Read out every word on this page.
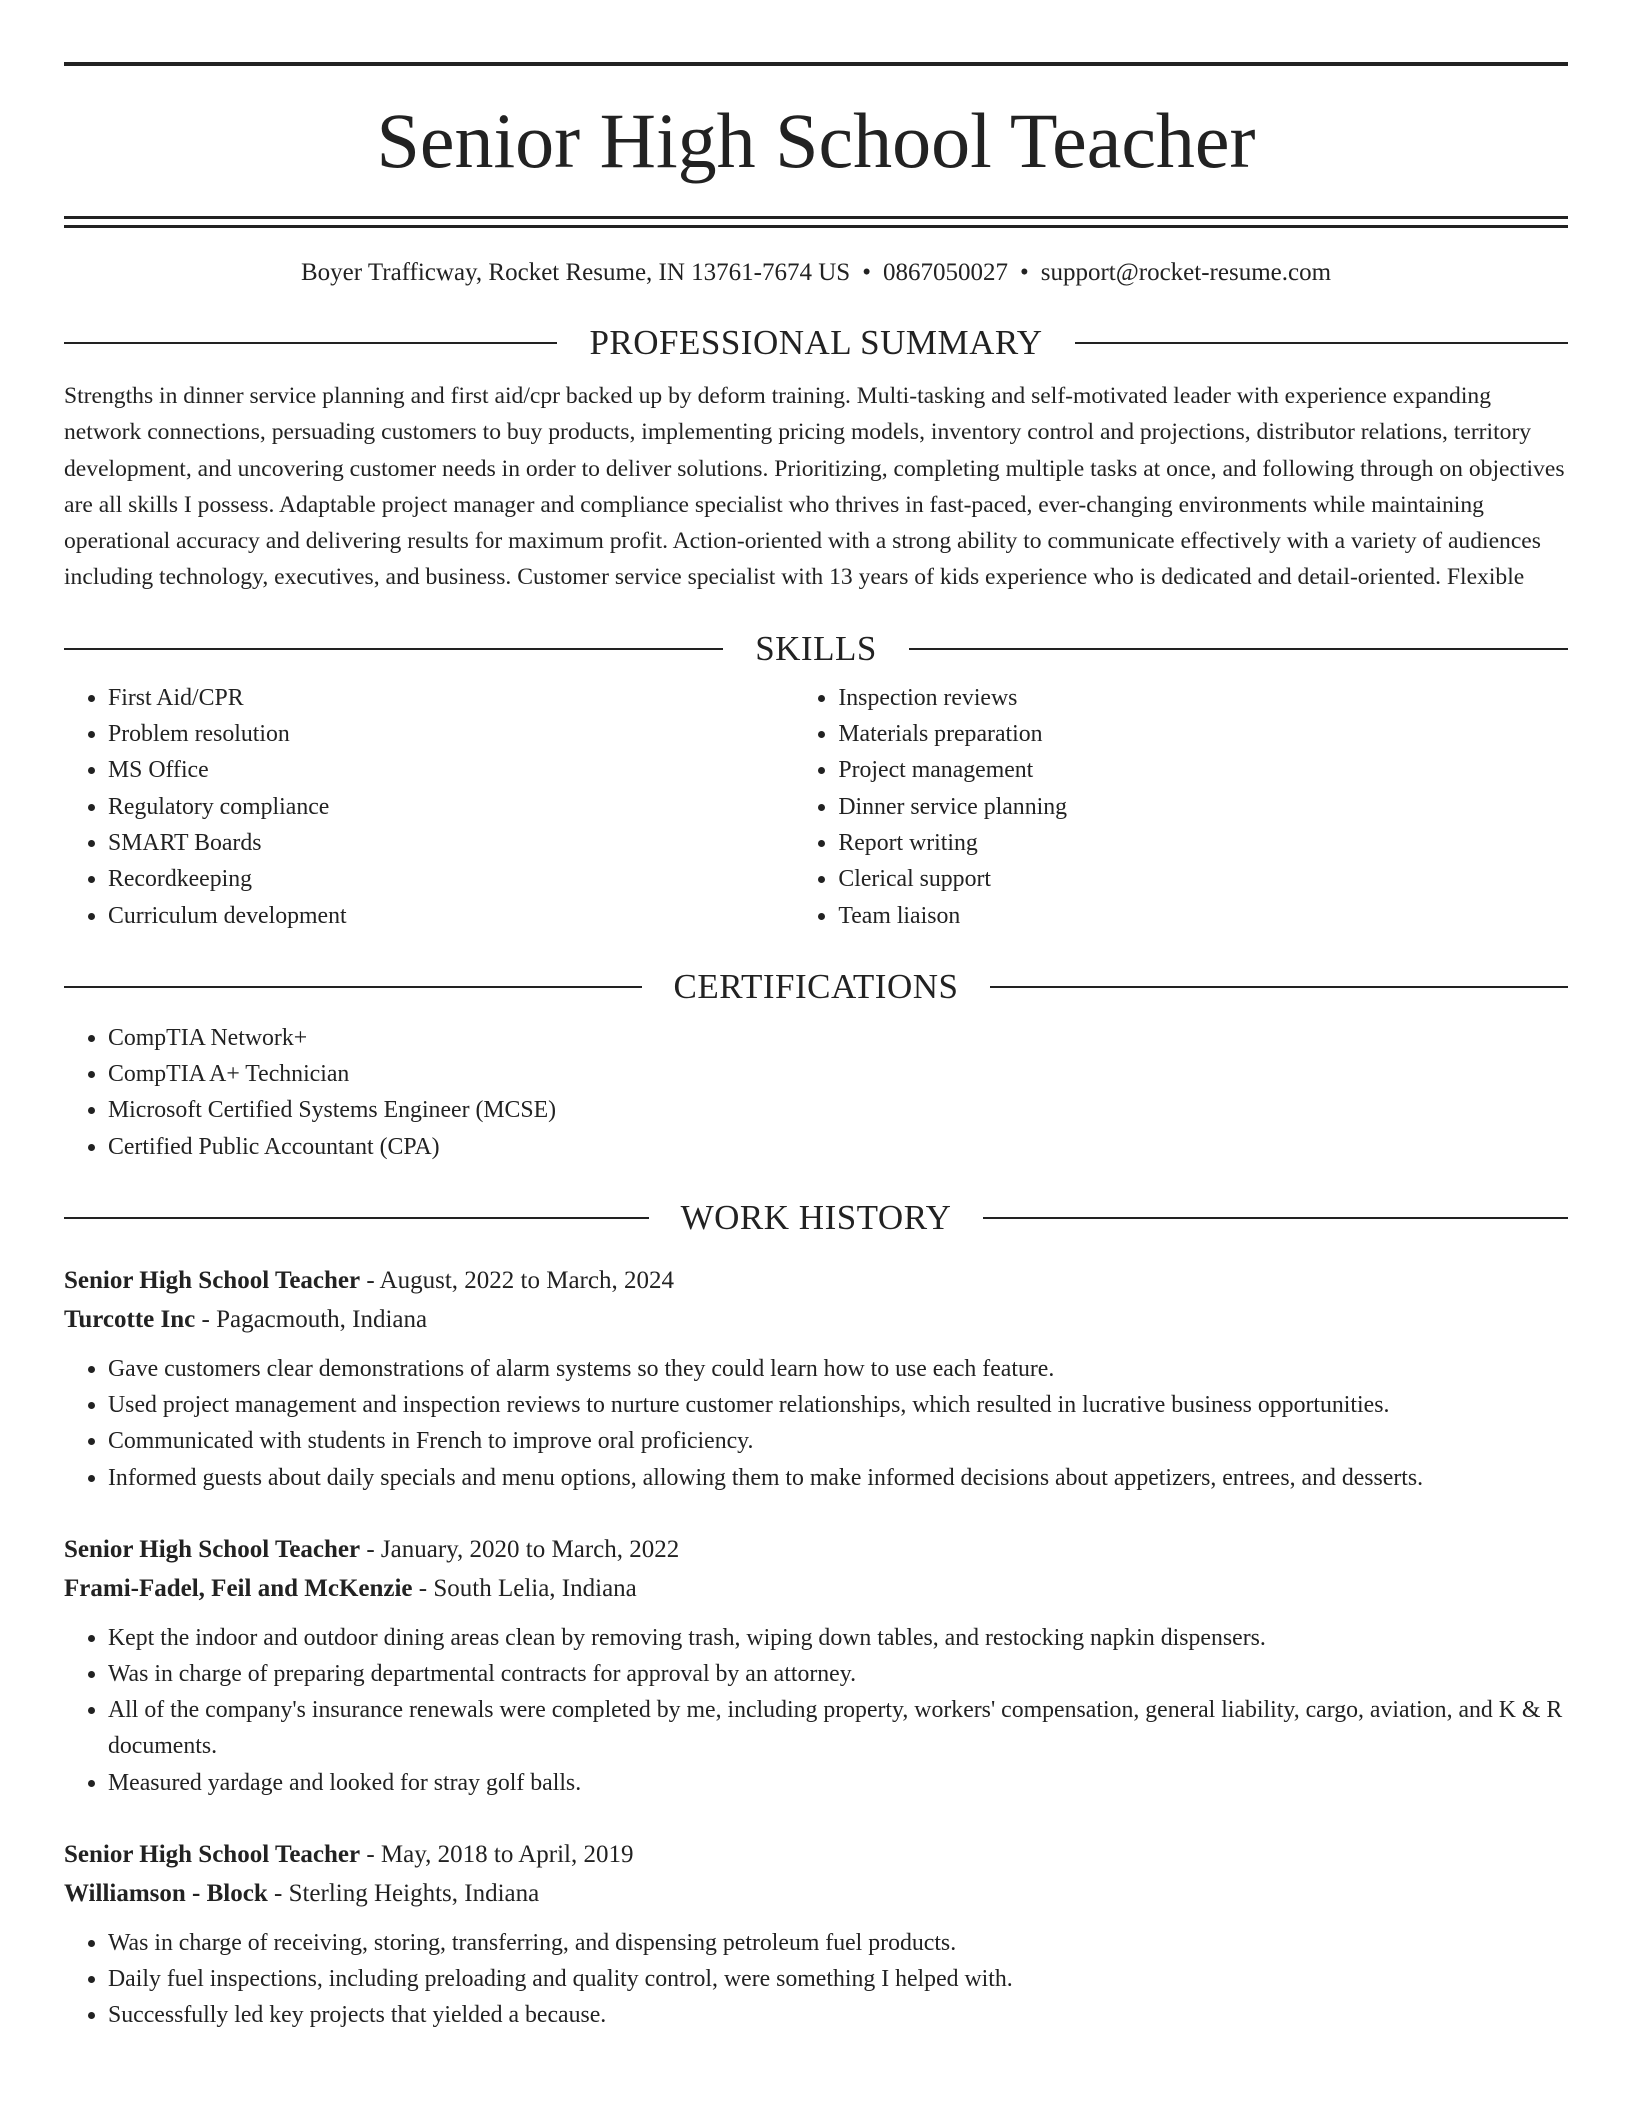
Senior High School Teacher
Boyer Trafficway, Rocket Resume, IN 13761-7674 US • 0867050027 • support@rocket-resume.com
PROFESSIONAL SUMMARY
Strengths in dinner service planning and first aid/cpr backed up by deform training. Multi-tasking and self-motivated leader with experience expanding network connections, persuading customers to buy products, implementing pricing models, inventory control and projections, distributor relations, territory development, and uncovering customer needs in order to deliver solutions. Prioritizing, completing multiple tasks at once, and following through on objectives are all skills I possess. Adaptable project manager and compliance specialist who thrives in fast-paced, ever-changing environments while maintaining operational accuracy and delivering results for maximum profit. Action-oriented with a strong ability to communicate effectively with a variety of audiences including technology, executives, and business. Customer service specialist with 13 years of kids experience who is dedicated and detail-oriented. Flexible
SKILLS
• First Aid/CPR
• Problem resolution
• MS Office
• Regulatory compliance
• SMART Boards
• Recordkeeping
• Curriculum development
• Inspection reviews
• Materials preparation
• Project management
• Dinner service planning
• Report writing
• Clerical support
• Team liaison
CERTIFICATIONS
• CompTIA Network+
• CompTIA A+ Technician
• Microsoft Certified Systems Engineer (MCSE)
• Certified Public Accountant (CPA)
WORK HISTORY
Senior High School Teacher - August, 2022 to March, 2024
Turcotte Inc - Pagacmouth, Indiana
• Gave customers clear demonstrations of alarm systems so they could learn how to use each feature.
• Used project management and inspection reviews to nurture customer relationships, which resulted in lucrative business opportunities.
• Communicated with students in French to improve oral proficiency.
• Informed guests about daily specials and menu options, allowing them to make informed decisions about appetizers, entrees, and desserts.
Senior High School Teacher - January, 2020 to March, 2022
Frami-Fadel, Feil and McKenzie - South Lelia, Indiana
• Kept the indoor and outdoor dining areas clean by removing trash, wiping down tables, and restocking napkin dispensers.
• Was in charge of preparing departmental contracts for approval by an attorney.
• All of the company's insurance renewals were completed by me, including property, workers' compensation, general liability, cargo, aviation, and K & R documents.
• Measured yardage and looked for stray golf balls.
Senior High School Teacher - May, 2018 to April, 2019
Williamson - Block - Sterling Heights, Indiana
• Was in charge of receiving, storing, transferring, and dispensing petroleum fuel products.
• Daily fuel inspections, including preloading and quality control, were something I helped with.
• Successfully led key projects that yielded a because.
